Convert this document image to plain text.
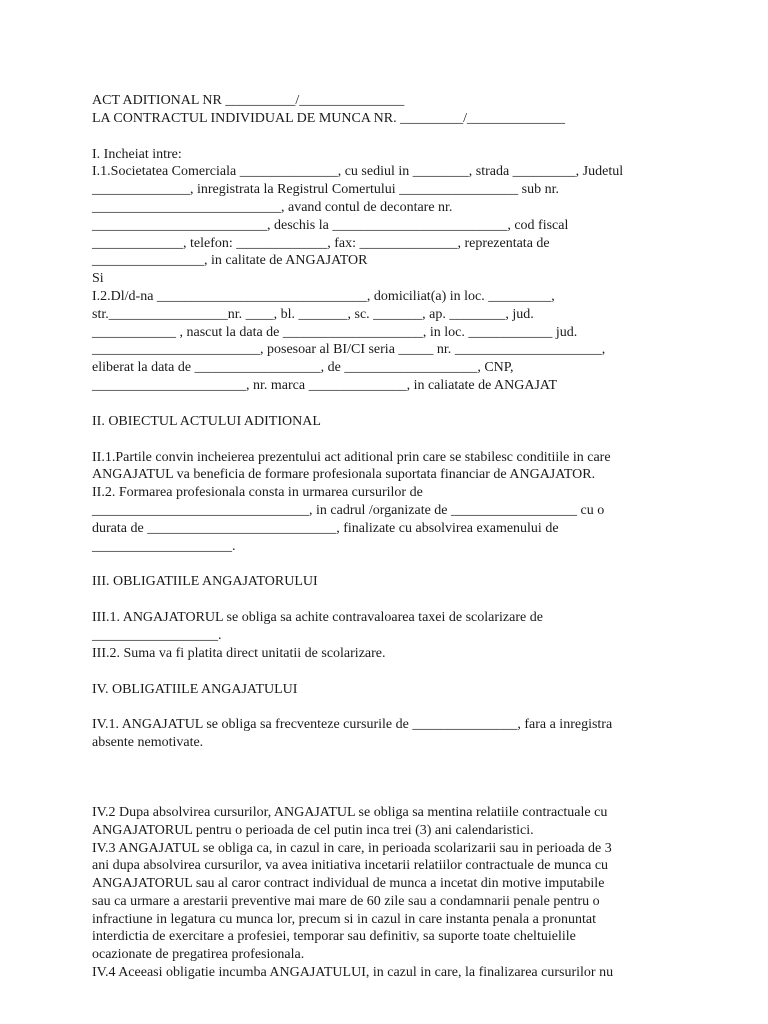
ACT ADITIONAL NR __________/_______________
LA CONTRACTUL INDIVIDUAL DE MUNCA NR. _________/______________
I. Incheiat intre:
I.1.Societatea Comerciala ______________, cu sediul in ________, strada _________, Judetul
______________, inregistrata la Registrul Comertului _________________ sub nr.
___________________________, avand contul de decontare nr.
_________________________, deschis la _________________________, cod fiscal
_____________, telefon: _____________, fax: ______________, reprezentata de
________________, in calitate de ANGAJATOR
Si
I.2.Dl/d-na ______________________________, domiciliat(a) in loc. _________,
str._________________nr. ____, bl. _______, sc. _______, ap. ________, jud.
____________ , nascut la data de ____________________, in loc. ____________ jud.
________________________, posesoar al BI/CI seria _____ nr. _____________________,
eliberat la data de __________________, de ___________________, CNP,
______________________, nr. marca ______________, in caliatate de ANGAJAT
II. OBIECTUL ACTULUI ADITIONAL
II.1.Partile convin incheierea prezentului act aditional prin care se stabilesc conditiile in care
ANGAJATUL va beneficia de formare profesionala suportata financiar de ANGAJATOR.
II.2. Formarea profesionala consta in urmarea cursurilor de
_______________________________, in cadrul /organizate de __________________ cu o
durata de ___________________________, finalizate cu absolvirea examenului de
____________________.
III. OBLIGATIILE ANGAJATORULUI
III.1. ANGAJATORUL se obliga sa achite contravaloarea taxei de scolarizare de
__________________.
III.2. Suma va fi platita direct unitatii de scolarizare.
IV. OBLIGATIILE ANGAJATULUI
IV.1. ANGAJATUL se obliga sa frecventeze cursurile de _______________, fara a inregistra
absente nemotivate.
IV.2 Dupa absolvirea cursurilor, ANGAJATUL se obliga sa mentina relatiile contractuale cu
ANGAJATORUL pentru o perioada de cel putin inca trei (3) ani calendaristici.
IV.3 ANGAJATUL se obliga ca, in cazul in care, in perioada scolarizarii sau in perioada de 3
ani dupa absolvirea cursurilor, va avea initiativa incetarii relatiilor contractuale de munca cu
ANGAJATORUL sau al caror contract individual de munca a incetat din motive imputabile
sau ca urmare a arestarii preventive mai mare de 60 zile sau a condamnarii penale pentru o
infractiune in legatura cu munca lor, precum si in cazul in care instanta penala a pronuntat
interdictia de exercitare a profesiei, temporar sau definitiv, sa suporte toate cheltuielile
ocazionate de pregatirea profesionala.
IV.4 Aceeasi obligatie incumba ANGAJATULUI, in cazul in care, la finalizarea cursurilor nu
